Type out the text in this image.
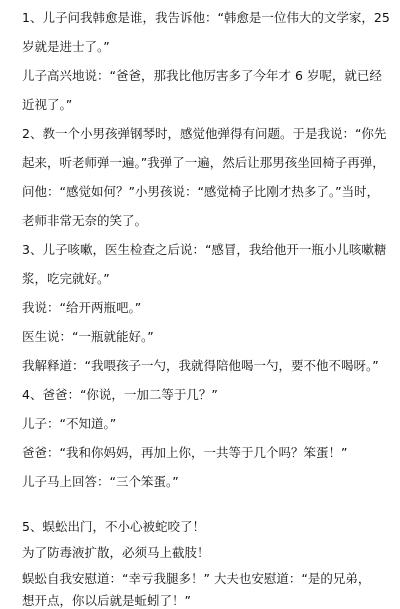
1、儿子问我韩愈是谁，我告诉他：“韩愈是一位伟大的文学家，25
岁就是进士了。”
儿子高兴地说：“爸爸，那我比他厉害多了今年才 6 岁呢，就已经
近视了。”
2、教一个小男孩弹钢琴时，感觉他弹得有问题。于是我说：“你先
起来，听老师弹一遍。”我弹了一遍，然后让那男孩坐回椅子再弹，
问他：“感觉如何？”小男孩说：“感觉椅子比刚才热多了。”当时，
老师非常无奈的笑了。
3、儿子咳嗽，医生检查之后说：“感冒，我给他开一瓶小儿咳嗽糖
浆，吃完就好。”
我说：“给开两瓶吧。”
医生说：“一瓶就能好。”
我解释道：“我喂孩子一勺，我就得陪他喝一勺，要不他不喝呀。”
4、爸爸：“你说，一加二等于几？”
儿子：“不知道。”
爸爸：“我和你妈妈，再加上你，一共等于几个吗？笨蛋！”
儿子马上回答：“三个笨蛋。”
5、蜈蚣出门，不小心被蛇咬了！
为了防毒液扩散，必须马上截肢！
蜈蚣自我安慰道：“幸亏我腿多！” 大夫也安慰道：“是的兄弟，
想开点，你以后就是蚯蚓了！”
